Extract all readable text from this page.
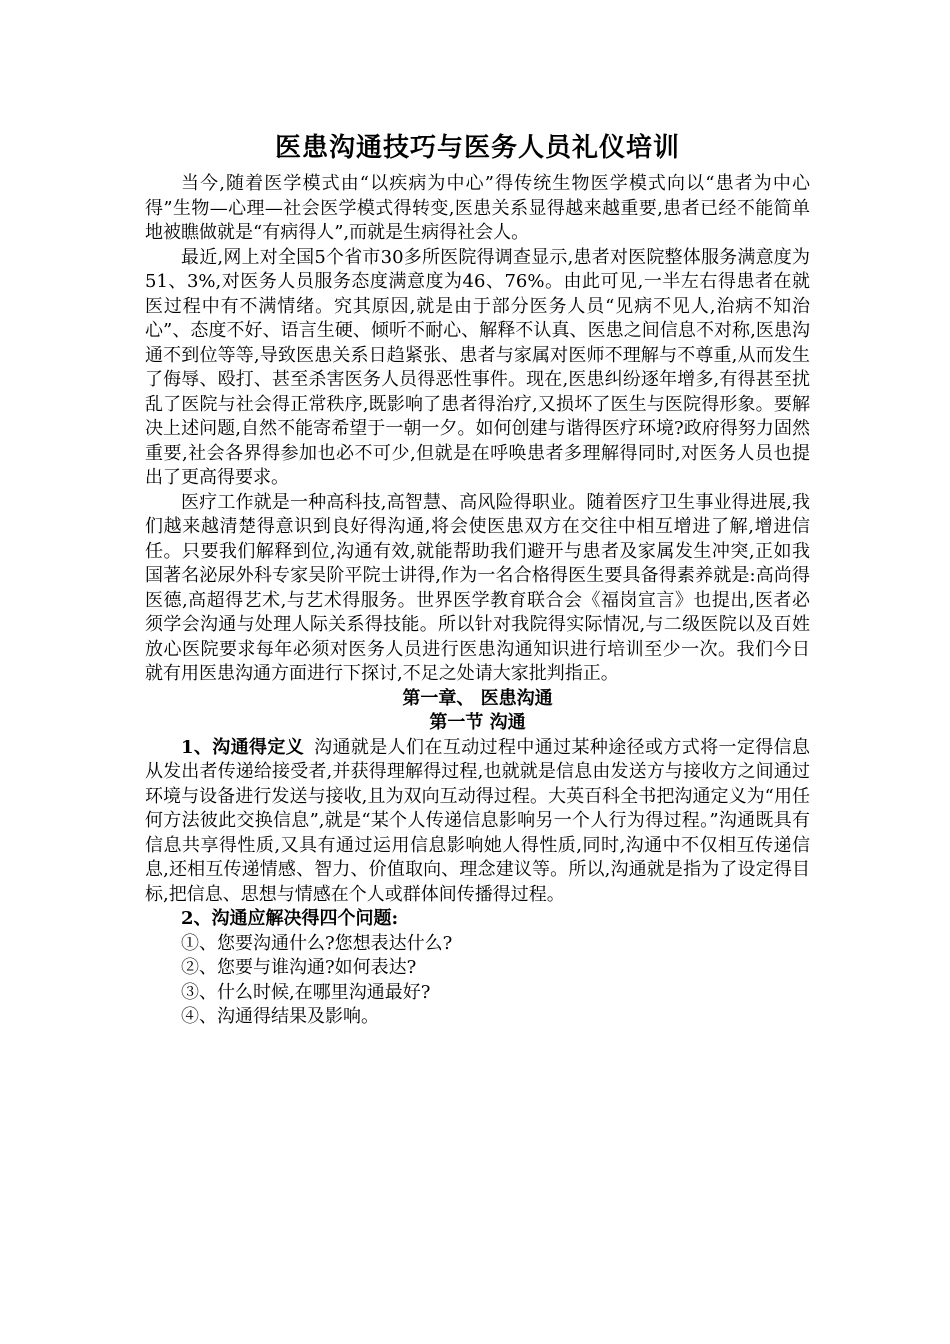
医患沟通技巧与医务人员礼仪培训

当今,随着医学模式由“以疾病为中心”得传统生物医学模式向以“患者为中心得”生物—心理—社会医学模式得转变,医患关系显得越来越重要,患者已经不能简单地被瞧做就是“有病得人”,而就是生病得社会人。

最近,网上对全国5个省市30多所医院得调查显示,患者对医院整体服务满意度为51、3%,对医务人员服务态度满意度为46、76%。由此可见,一半左右得患者在就医过程中有不满情绪。究其原因,就是由于部分医务人员“见病不见人,治病不知治心”、态度不好、语言生硬、倾听不耐心、解释不认真、医患之间信息不对称,医患沟通不到位等等,导致医患关系日趋紧张、患者与家属对医师不理解与不尊重,从而发生了侮辱、殴打、甚至杀害医务人员得恶性事件。现在,医患纠纷逐年增多,有得甚至扰乱了医院与社会得正常秩序,既影响了患者得治疗,又损坏了医生与医院得形象。要解决上述问题,自然不能寄希望于一朝一夕。如何创建与谐得医疗环境?政府得努力固然重要,社会各界得参加也必不可少,但就是在呼唤患者多理解得同时,对医务人员也提出了更高得要求。

医疗工作就是一种高科技,高智慧、高风险得职业。随着医疗卫生事业得进展,我们越来越清楚得意识到良好得沟通,将会使医患双方在交往中相互增进了解,增进信任。只要我们解释到位,沟通有效,就能帮助我们避开与患者及家属发生冲突,正如我国著名泌尿外科专家吴阶平院士讲得,作为一名合格得医生要具备得素养就是:高尚得医德,高超得艺术,与艺术得服务。世界医学教育联合会《福岗宣言》也提出,医者必须学会沟通与处理人际关系得技能。所以针对我院得实际情况,与二级医院以及百姓放心医院要求每年必须对医务人员进行医患沟通知识进行培训至少一次。我们今日就有用医患沟通方面进行下探讨,不足之处请大家批判指正。

第一章、 医患沟通

第一节 沟通

1、沟通得定义 沟通就是人们在互动过程中通过某种途径或方式将一定得信息从发出者传递给接受者,并获得理解得过程,也就就是信息由发送方与接收方之间通过环境与设备进行发送与接收,且为双向互动得过程。大英百科全书把沟通定义为“用任何方法彼此交换信息”,就是“某个人传递信息影响另一个人行为得过程。”沟通既具有信息共享得性质,又具有通过运用信息影响她人得性质,同时,沟通中不仅相互传递信息,还相互传递情感、智力、价值取向、理念建议等。所以,沟通就是指为了设定得目标,把信息、思想与情感在个人或群体间传播得过程。

2、沟通应解决得四个问题:

①、您要沟通什么?您想表达什么?

②、您要与谁沟通?如何表达?

③、什么时候,在哪里沟通最好?

④、沟通得结果及影响。
